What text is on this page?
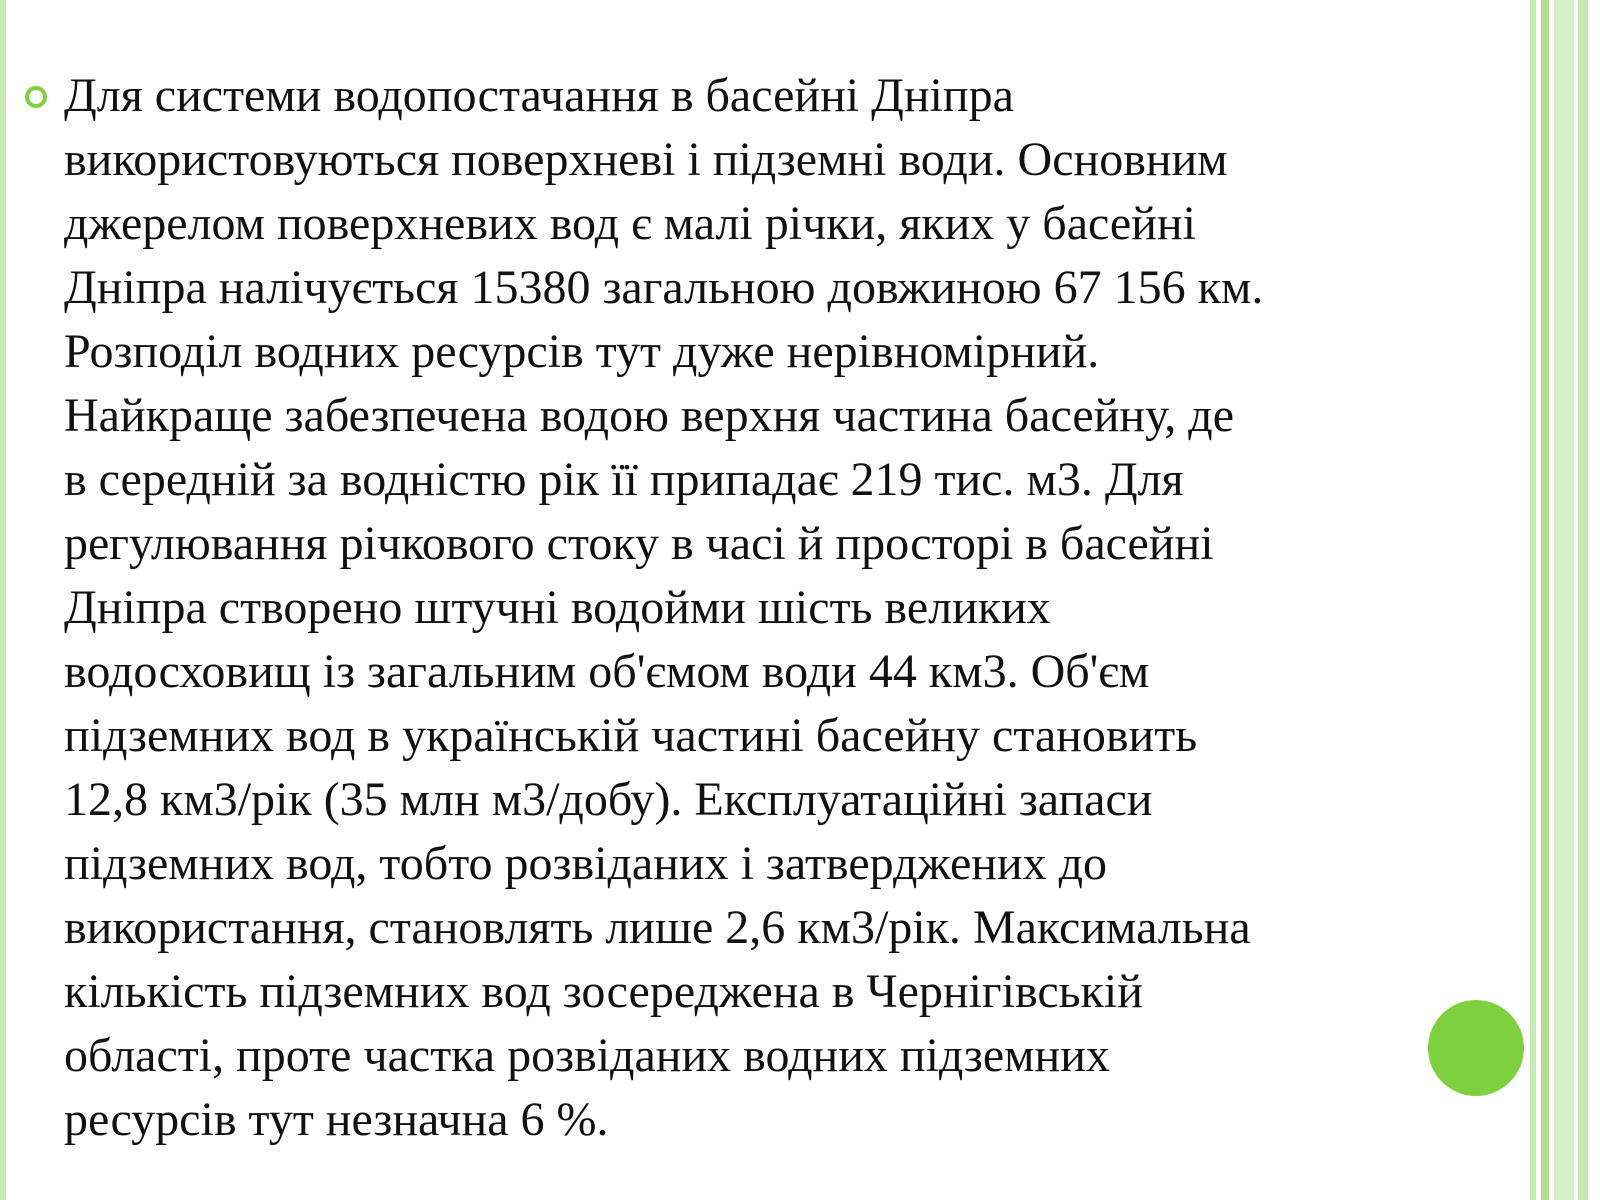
Для системи водопостачання в басейні Дніпра
використовуються поверхневі і підземні води. Основним
джерелом поверхневих вод є малі річки, яких у басейні
Дніпра налічується 15380 загальною довжиною 67 156 км.
Розподіл водних ресурсів тут дуже нерівномірний.
Найкраще забезпечена водою верхня частина басейну, де
в середній за водністю рік її припадає 219 тис. м3. Для
регулювання річкового стоку в часі й просторі в басейні
Дніпра створено штучні водойми шість великих
водосховищ із загальним об'ємом води 44 км3. Об'єм
підземних вод в українській частині басейну становить
12,8 км3/рік (35 млн м3/добу). Експлуатаційні запаси
підземних вод, тобто розвіданих і затверджених до
використання, становлять лише 2,6 км3/рік. Максимальна
кількість підземних вод зосереджена в Чернігівській
області, проте частка розвіданих водних підземних
ресурсів тут незначна 6 %.
